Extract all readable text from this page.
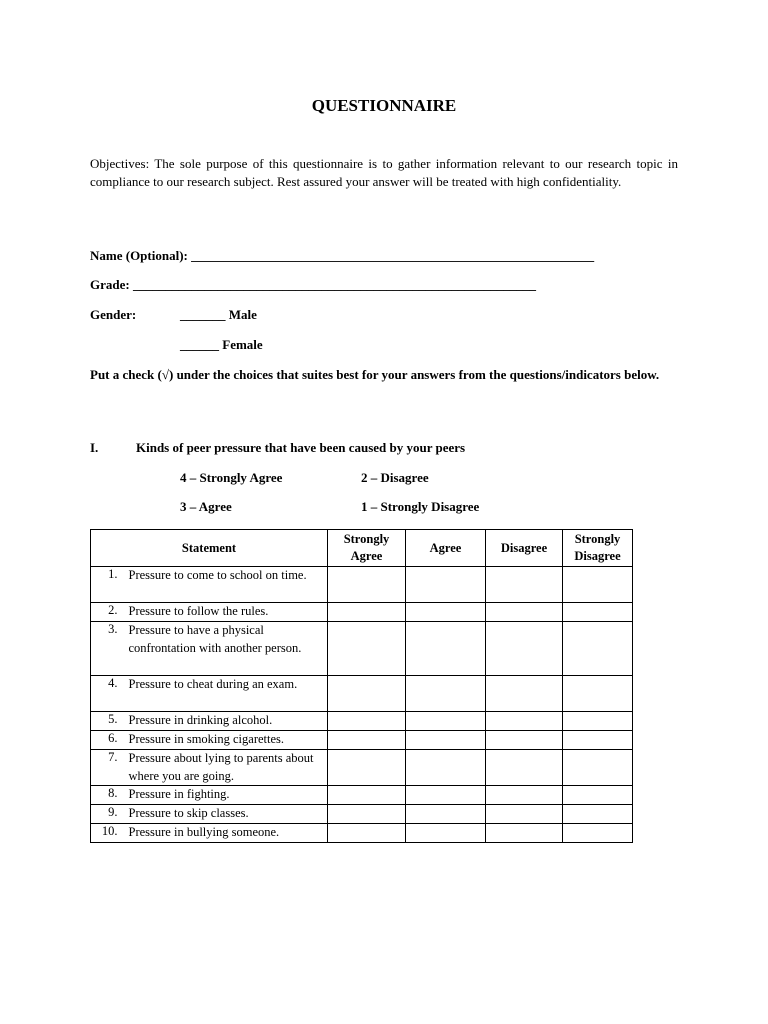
QUESTIONNAIRE
Objectives: The sole purpose of this questionnaire is to gather information relevant to our research topic in compliance to our research subject. Rest assured your answer will be treated with high confidentiality.
Name (Optional): ______________________________________________________________
Grade: ______________________________________________________________
Gender:	_______ Male
______ Female
Put a check (√) under the choices that suites best for your answers from the questions/indicators below.
I.	Kinds of peer pressure that have been caused by your peers
4 – Strongly Agree	2 – Disagree
3 – Agree	1 – Strongly Disagree
Statement		Strongly Agree	Agree	Disagree	Strongly Disagree
1.	Pressure to come to school on time.				
2.	Pressure to follow the rules.				
3.	Pressure to have a physical confrontation with another person.				
4.	Pressure to cheat during an exam.				
5.	Pressure in drinking alcohol.				
6.	Pressure in smoking cigarettes.				
7.	Pressure about lying to parents about where you are going.				
8.	Pressure in fighting.				
9.	Pressure to skip classes.				
10.	Pressure in bullying someone.				
